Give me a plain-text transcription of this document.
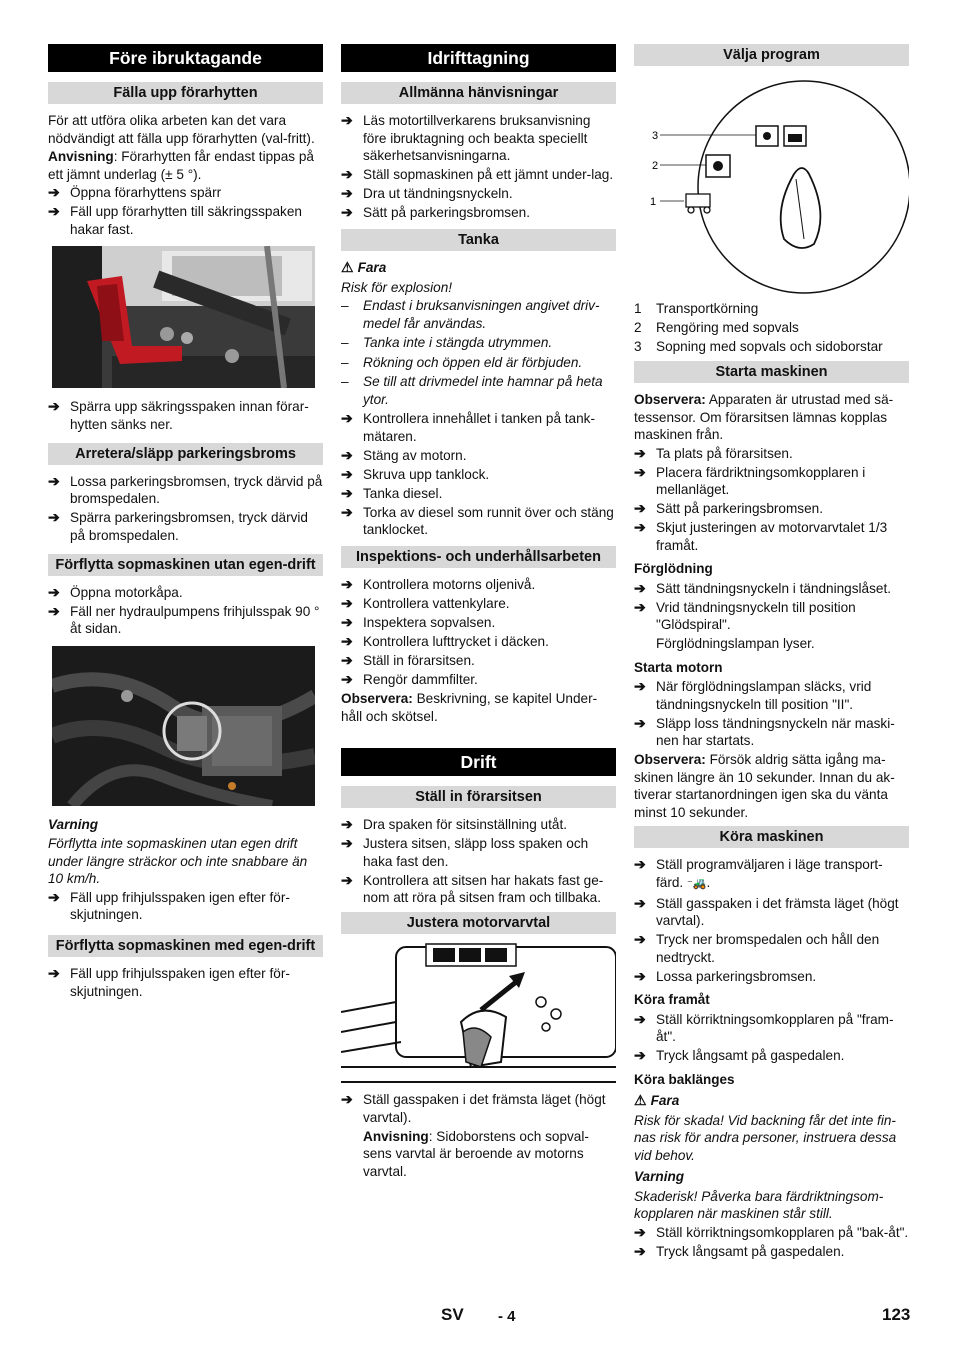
Före ibruktagande
Fälla upp förarhytten

För att utföra olika arbeten kan det vara nödvändigt att fälla upp förarhytten (val-fritt).

Anvisning: Förarhytten får endast tippas på ett jämnt underlag (± 5 °).

➔ Öppna förarhyttens spärr
➔ Fäll upp förarhytten till säkringsspaken hakar fast.
➔ Spärra upp säkringsspaken innan förar-hytten sänks ner.
Arretera/släpp parkeringsbroms
➔ Lossa parkeringsbromsen, tryck därvid på bromspedalen.
➔ Spärra parkeringsbromsen, tryck därvid på bromspedalen.
Förflytta sopmaskinen utan egen-drift
➔ Öppna motorkåpa.
➔ Fäll ner hydraulpumpens frihjulsspak 90 ° åt sidan.

Varning

Förflytta inte sopmaskinen utan egen drift under längre sträckor och inte snabbare än 10 km/h.

➔ Fäll upp frihjulsspaken igen efter för-skjutningen.
Förflytta sopmaskinen med egen-drift
➔ Fäll upp frihjulsspaken igen efter för-skjutningen.
Idrifttagning
Allmänna hänvisningar
➔ Läs motortillverkarens bruksanvisning före ibruktagning och beakta speciellt säkerhetsanvisningarna.
➔ Ställ sopmaskinen på ett jämnt under-lag.
➔ Dra ut tändningsnyckeln.
➔ Sätt på parkeringsbromsen.
Tanka

⚠ Fara

Risk för explosion!

– Endast i bruksanvisningen angivet driv-medel får användas.
– Tanka inte i stängda utrymmen.
– Rökning och öppen eld är förbjuden.
– Se till att drivmedel inte hamnar på heta ytor.
➔ Kontrollera innehållet i tanken på tank-mätaren.
➔ Stäng av motorn.
➔ Skruva upp tanklock.
➔ Tanka diesel.
➔ Torka av diesel som runnit över och stäng tanklocket.
Inspektions- och underhållsarbeten
➔ Kontrollera motorns oljenivå.
➔ Kontrollera vattenkylare.
➔ Inspektera sopvalsen.
➔ Kontrollera lufttrycket i däcken.
➔ Ställ in förarsitsen.
➔ Rengör dammfilter.

Observera: Beskrivning, se kapitel Under-håll och skötsel.

Drift
Ställ in förarsitsen
➔ Dra spaken för sitsinställning utåt.
➔ Justera sitsen, släpp loss spaken och haka fast den.
➔ Kontrollera att sitsen har hakats fast ge-nom att röra på sitsen fram och tillbaka.
Justera motorvarvtal
➔ Ställ gasspaken i det främsta läget (högt varvtal).

Anvisning: Sidoborstens och sopval-sens varvtal är beroende av motorns varvtal.

Välja program
3
2
1
1 Transportkörning
2 Rengöring med sopvals
3 Sopning med sopvals och sidoborstar
Starta maskinen

Observera: Apparaten är utrustad med sä-tessensor. Om förarsitsen lämnas kopplas maskinen från.

➔ Ta plats på förarsitsen.
➔ Placera färdriktningsomkopplaren i mellanläget.
➔ Sätt på parkeringsbromsen.
➔ Skjut justeringen av motorvarvtalet 1/3 framåt.

Förglödning

➔ Sätt tändningsnyckeln i tändningslåset.
➔ Vrid tändningsnyckeln till position "Glödspiral".

Förglödningslampan lyser.

Starta motorn

➔ När förglödningslampan släcks, vrid tändningsnyckeln till position "II".
➔ Släpp loss tändningsnyckeln när maski-nen har startats.

Observera: Försök aldrig sätta igång ma-skinen längre än 10 sekunder. Innan du ak-tiverar startanordningen igen ska du vänta minst 10 sekunder.

Köra maskinen
➔ Ställ programväljaren i läge transport-färd. ⁻🚜.
➔ Ställ gasspaken i det främsta läget (högt varvtal).
➔ Tryck ner bromspedalen och håll den nedtryckt.
➔ Lossa parkeringsbromsen.

Köra framåt

➔ Ställ körriktningsomkopplaren på "fram-åt".
➔ Tryck långsamt på gaspedalen.

Köra baklänges

⚠ Fara

Risk för skada! Vid backning får det inte fin-nas risk för andra personer, instruera dessa vid behov.

Varning

Skaderisk! Påverka bara färdriktningsom-kopplaren när maskinen står still.

➔ Ställ körriktningsomkopplaren på "bak-åt".
➔ Tryck långsamt på gaspedalen.
SV - 4	123
